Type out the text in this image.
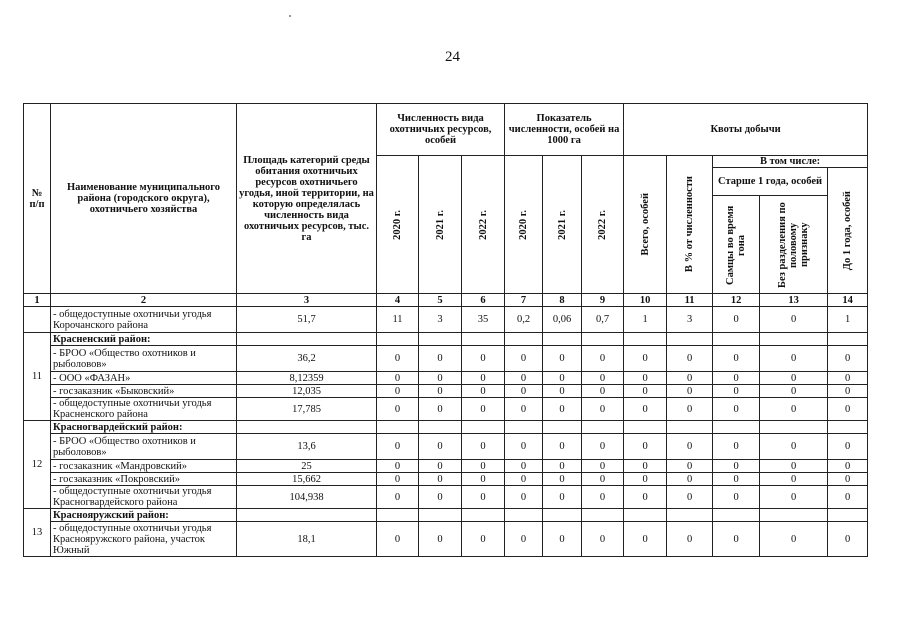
24
№ п/п	Наименование муниципального района (городского округа), охотничьего хозяйства	Площадь категорий среды обитания охотничьих ресурсов охотничьего угодья, иной территории, на которую определялась численность вида охотничьих ресурсов, тыс. га	Численность вида охотничьих ресурсов, особей			Показатель численности, особей на 1000 га			Квоты добычи				

			2020 г.	2021 г.	2022 г.	2020 г.	2021 г.	2022 г.	Всего, особей	В % от численности	В том числе:		
											Старше 1 года, особей		До 1 года, особей

											Самцы во время гона	Без разделения по половому признаку	

1	2	3	4	5	6	7	8	9	10	11	12	13	14
	- общедоступные охотничьи угодья Корочанского района	51,7	11	3	35	0,2	0,06	0,7	1	3	0	0	1
11	Красненский район:												
	- БРОО «Общество охотников и рыболовов»	36,2	0	0	0	0	0	0	0	0	0	0	0
	- ООО «ФАЗАН»	8,12359	0	0	0	0	0	0	0	0	0	0	0
	- госзаказник «Быковский»	12,035	0	0	0	0	0	0	0	0	0	0	0
	- общедоступные охотничьи угодья Красненского района	17,785	0	0	0	0	0	0	0	0	0	0	0
12	Красногвардейский район:												
	- БРОО «Общество охотников и рыболовов»	13,6	0	0	0	0	0	0	0	0	0	0	0
	- госзаказник «Мандровский»	25	0	0	0	0	0	0	0	0	0	0	0
	- госзаказник «Покровский»	15,662	0	0	0	0	0	0	0	0	0	0	0
	- общедоступные охотничьи угодья Красногвардейского района	104,938	0	0	0	0	0	0	0	0	0	0	0
13	Краснояружский район:												
	- общедоступные охотничьи угодья Красноярyжского района, участок Южный	18,1	0	0	0	0	0	0	0	0	0	0	0
